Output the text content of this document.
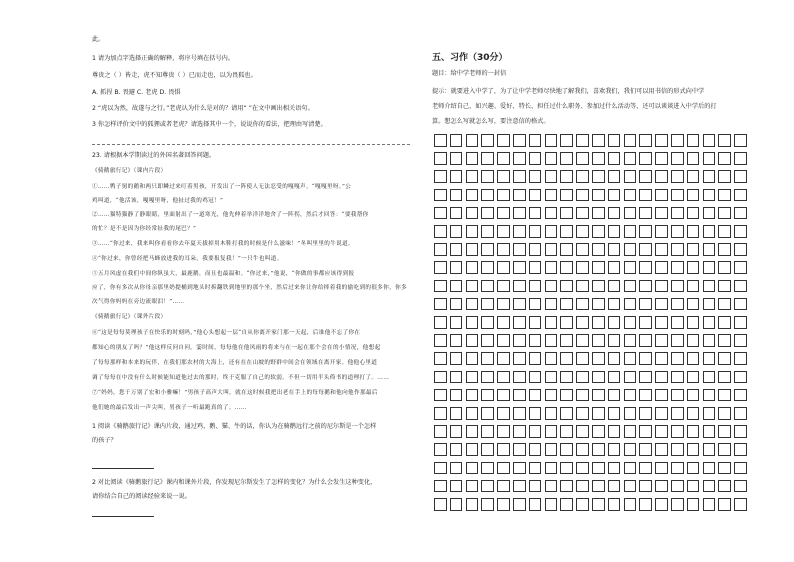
此。
1 请为加点字选择正确的解释，将序号填在括号内。
尊贵之（ ）皆走，虎不知尊贵（ ）已而走也，以为畏狐也。
A. 抓捏 B. 畏避 C. 老虎 D. 畏惧
2 “虎以为然，故遂与之行。”老虎认为什么是对的？请用“ ”在文中画出相关语句。
3 你怎样评价文中的狐狸或者老虎？请选择其中一个，说说你的看法，把理由写清楚。
23. 请根据本学期读过的外国名著回答问题。
《骑鹅旅行记》（课内片段）
①……鸭子舅的鹅和两只即鳞过来叮着男孩，开发出了一阵使人无法忍受的嘎嘎声。“嘎嘎里呀。”公
鸡叫道，“他活该，嘎嘎里呀，他扯过我的鸡冠！”
②……猫特猫静了静眼睛，里面射出了一道寒光，他先伸着举洋洋地舍了一阵拐，然后才回答：“要我帮你
的忙？是不是因为你经常扯我的尾巴？”
③……“你过来，我来叫你看看你去年夏天拔掉用木鞋打我的时候是什么滋味！”冬叫里里的牛说道。
④“你过来，你曾经把马蜂放进我的耳朵，我要报复我！”一只牛也叫道。
⑤五月风虚在我们中间你纵虽大，最鹿鹅，而且也最温和。“你过来，”他说，“你做的事都应该得到报
应了，你有多次从你母亲那里奶提桶到地头时拆翻铁到地里的那个坐，然后过来你让你给摔着我的偷吃到的很多你，你多
次气得你妈妈在旁边流眼泪！”……
《骑鹅旅行记》（课外片段）
⑥“这是每每莫理孩子在快乐的时刻吗，”他心头想起一层“自从你离开家门那一天起，后谁他不忘了你在
都知心的朋友了吗？”他这样反问自问。霎时间，每每他在他风雨的将来与在一起在那个会在的小情况，他想起
了每每那样和本来的玩伴，在我们那农村的大海上，还有在在山坡的野群中间会在领域在离开家。他他心里道
调了每每在中没有什么时候能知道他过去的那时，终于克服了自己的软弱。不但一切用半头倚书的道理打了。……
⑦“妈妈，您千万别了宏和小雅嘛！”男孩子高声大叫。就在这时候我把出老在手上的每每鹅和他向他作那最后
他们她的最后发出一声尖叫，男孩子一听最跑真的了。……
1 阅读《骑鹅旅行记》课内片段，通过鸡、鹅、猫、牛的话，你认为在骑鹅远行之前的尼尔斯是一个怎样
的孩子？
2 对比阅读《骑鹅旅行记》课内和课外片段，你发现尼尔斯发生了怎样的变化？为什么会发生这种变化，
请你结合自己的阅读经验来说一说。
五、习作（30分）
题目：给中学老师的一封信
提示：就要进入中学了，为了让中学老师尽快地了解我们，喜欢我们，我们可以用书信的形式向中学
老师介绍自己，如兴趣、爱好、特长、担任过什么职务、参加过什么活动等，还可以谈谈进入中学后的打
算。想怎么写就怎么写，要注意信的格式。
